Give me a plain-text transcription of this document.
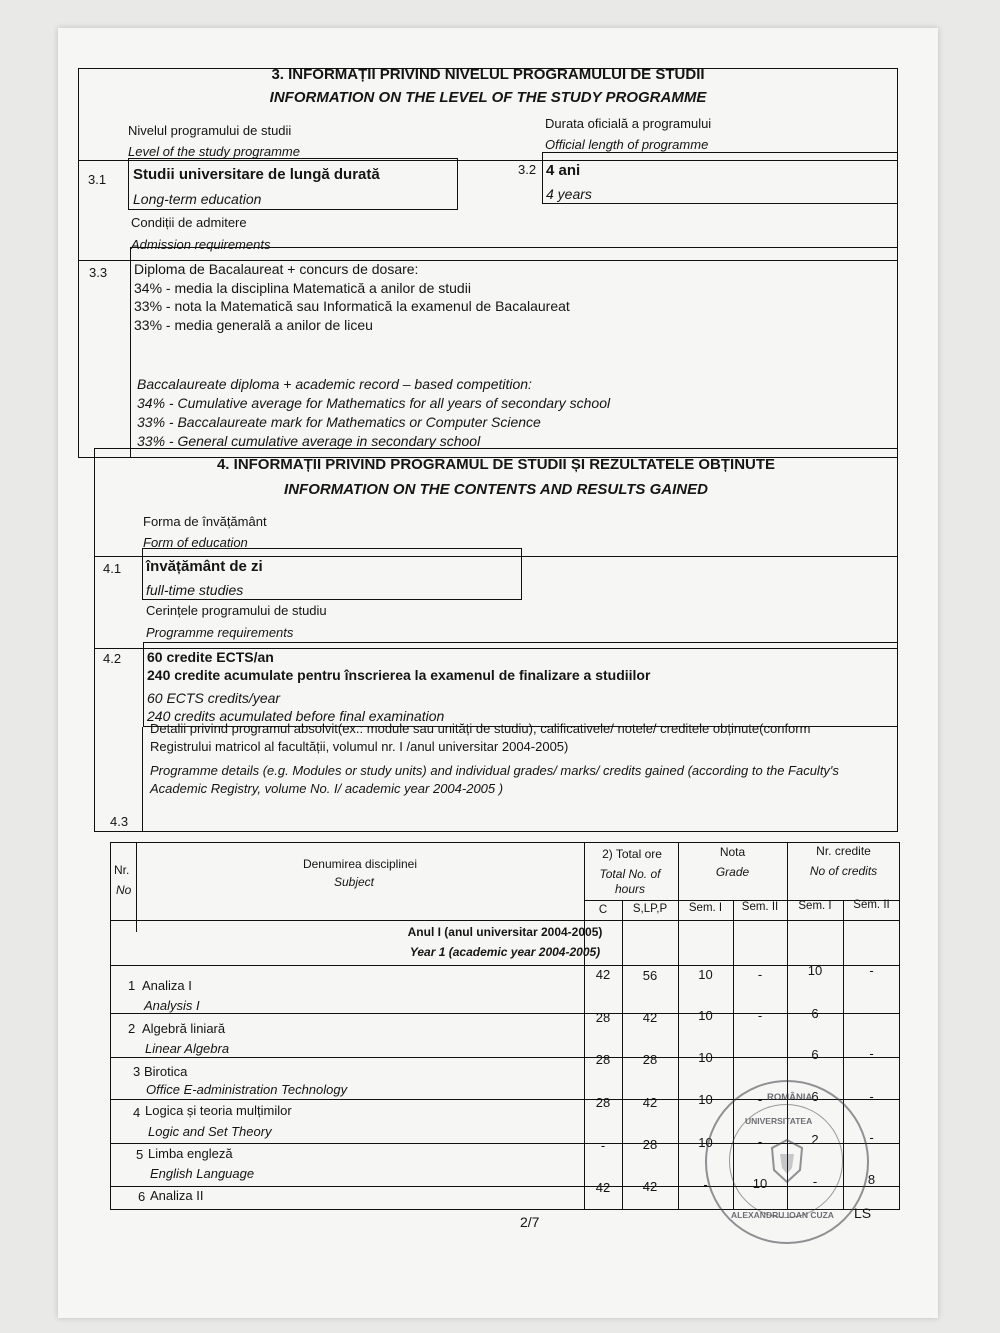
3. INFORMAȚII PRIVIND NIVELUL PROGRAMULUI DE STUDII
INFORMATION ON THE LEVEL OF THE STUDY PROGRAMME
Nivelul programului de studii
Level of the study programme
Durata oficială a programului
Official length of programme
3.1 Studii universitare de lungă durată
Long-term education
3.2 4 ani
4 years
Condiții de admitere
Admission requirements
3.3 Diploma de Bacalaureat + concurs de dosare:
34% - media la disciplina Matematică a anilor de studii
33% - nota la Matematică sau Informatică la examenul de Bacalaureat
33% - media generală a anilor de liceu
Baccalaureate diploma + academic record – based competition:
34% - Cumulative average for Mathematics for all years of secondary school
33% - Baccalaureate mark for Mathematics or Computer Science
33% - General cumulative average in secondary school
4. INFORMAȚII PRIVIND PROGRAMUL DE STUDII ȘI REZULTATELE OBȚINUTE
INFORMATION ON THE CONTENTS AND RESULTS GAINED
Forma de învățământ
Form of education
4.1 învățământ de zi
full-time studies
Cerințele programului de studiu
Programme requirements
4.2 60 credite ECTS/an
240 credite acumulate pentru înscrierea la examenul de finalizare a studiilor
60 ECTS credits/year
240 credits acumulated before final examination
Detalii privind programul absolvit(ex.: module sau unități de studiu), calificativele/ notele/ creditele obținute(conform
Registrului matricol al facultății, volumul nr. I /anul universitar 2004-2005)
Programme details (e.g. Modules or study units) and individual grades/ marks/ credits gained (according to the Faculty's
Academic Registry, volume No. I/ academic year 2004-2005 )
4.3
Nr.
No
Denumirea disciplinei
Subject
2) Total ore
Total No. of
hours
Nota
Grade
Nr. credite
No of credits
C	S,LP,P	Sem. I	Sem. II	Sem. I	Sem. II
Anul I (anul universitar 2004-2005)
Year 1 (academic year 2004-2005)
1 Analiza I
Analysis I
42	56	10	-	10	-
2 Algebră liniară
Linear Algebra
28	42	10	-	6	-
3 Birotica
Office E-administration Technology
28	28	10	-	6	-
4 Logica și teoria mulțimilor
Logic and Set Theory
28	42	10	-	6	-
5 Limba engleză
English Language
-	28	10	-	2	-
6 Analiza II
42	42	-	10	-	8
ROMÂNIA
UNIVERSITATEA
ALEXANDRU IOAN CUZA
2/7
LS
